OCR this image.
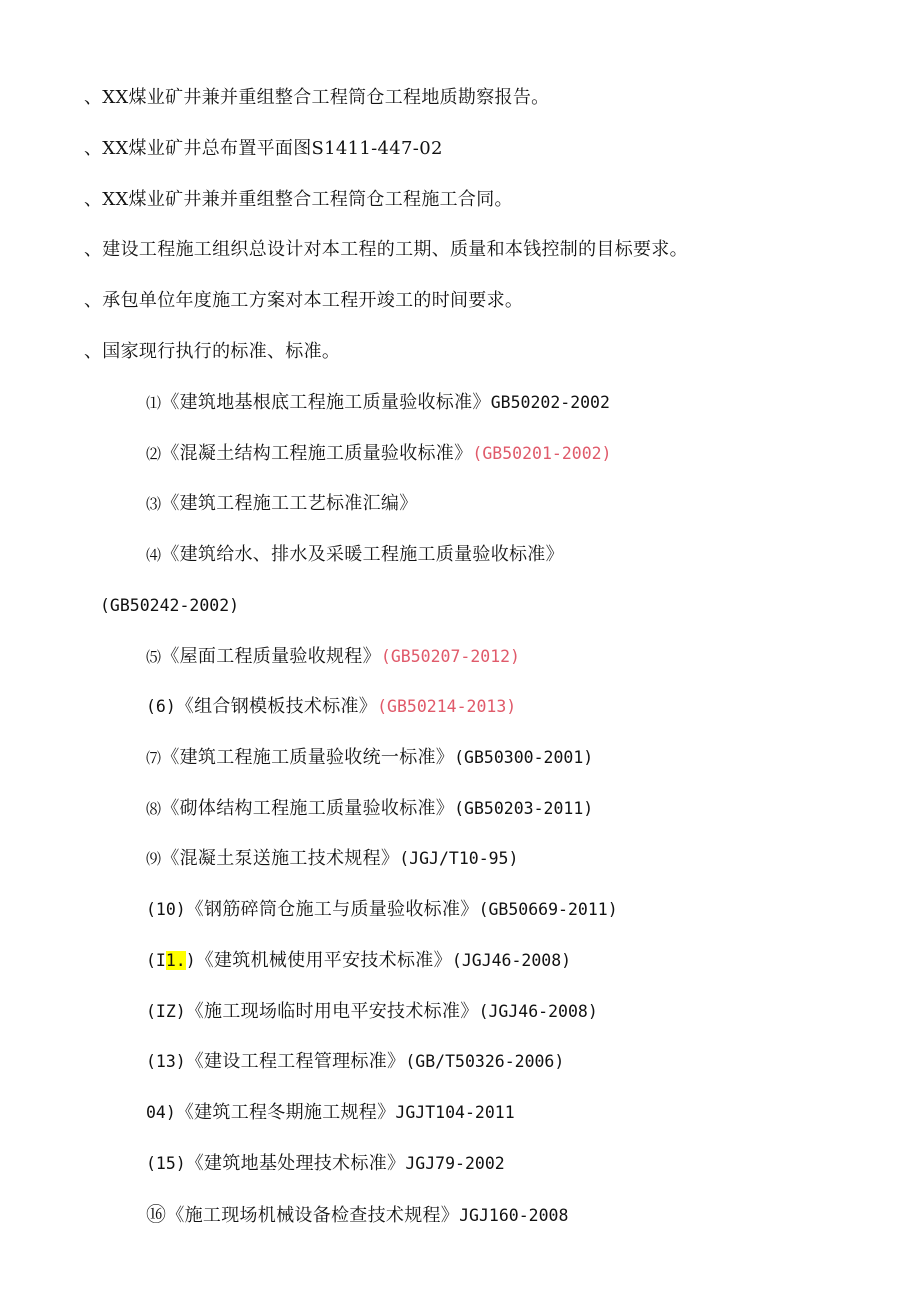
、XX煤业矿井兼并重组整合工程筒仓工程地质勘察报告。
、XX煤业矿井总布置平面图S1411-447-02
、XX煤业矿井兼并重组整合工程筒仓工程施工合同。
、建设工程施工组织总设计对本工程的工期、质量和本钱控制的目标要求。
、承包单位年度施工方案对本工程开竣工的时间要求。
、国家现行执行的标准、标准。
⑴《建筑地基根底工程施工质量验收标准》GB50202-2002
⑵《混凝土结构工程施工质量验收标准》(GB50201-2002)
⑶《建筑工程施工工艺标准汇编》
⑷《建筑给水、排水及采暖工程施工质量验收标准》
(GB50242-2002)
⑸《屋面工程质量验收规程》(GB50207-2012)
(6)《组合钢模板技术标准》(GB50214-2013)
⑺《建筑工程施工质量验收统一标准》(GB50300-2001)
⑻《砌体结构工程施工质量验收标准》(GB50203-2011)
⑼《混凝土泵送施工技术规程》(JGJ/T10-95)
(10)《钢筋碎筒仓施工与质量验收标准》(GB50669-2011)
(I1.)《建筑机械使用平安技术标准》(JGJ46-2008)
(IZ)《施工现场临时用电平安技术标准》(JGJ46-2008)
(13)《建设工程工程管理标准》(GB/T50326-2006)
04)《建筑工程冬期施工规程》JGJT104-2011
(15)《建筑地基处理技术标准》JGJ79-2002
⑯《施工现场机械设备检查技术规程》JGJ160-2008
